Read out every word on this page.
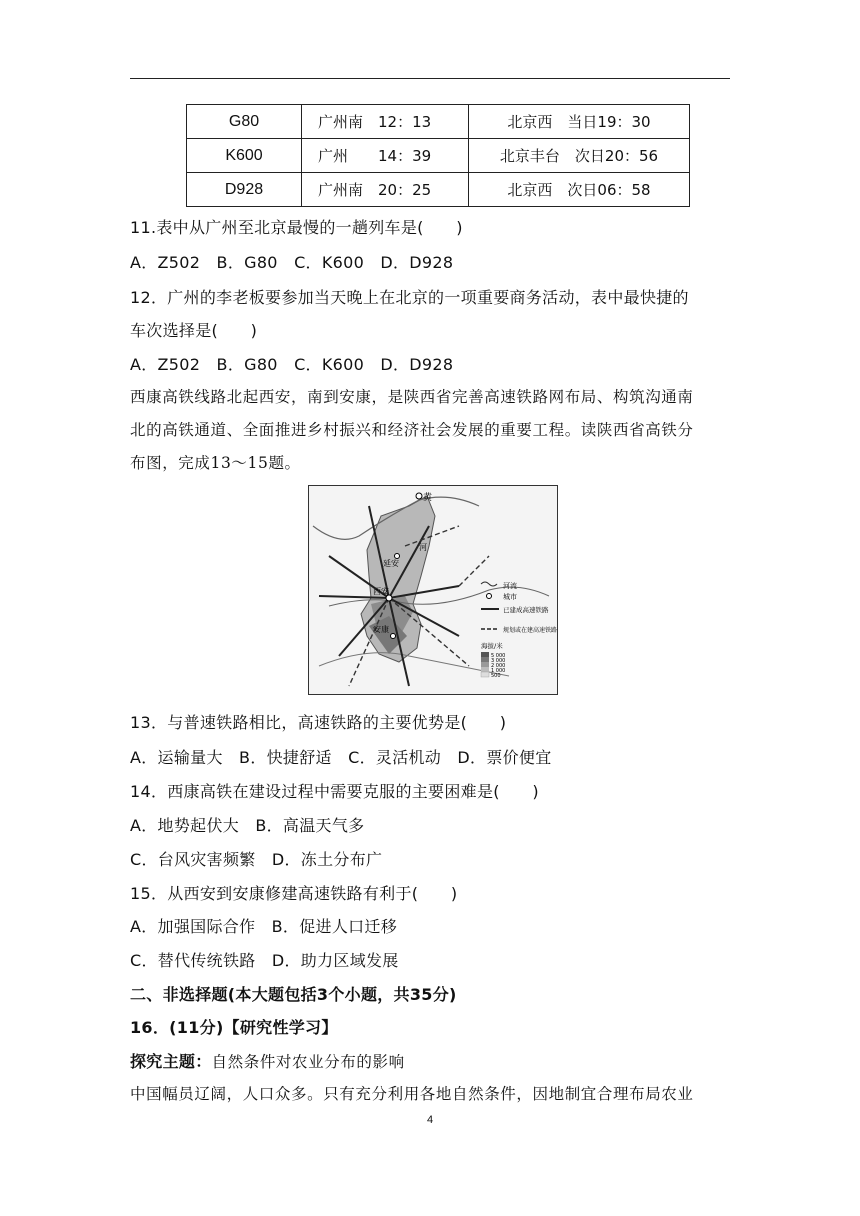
G80	广州南　12：13	北京西　当日19：30
K600	广州　　14：39	北京丰台　次日20：56
D928	广州南　20：25	北京西　次日06：58
11.表中从广州至北京最慢的一趟列车是(　　)
A．Z502　B．G80　C．K600　D．D928
12．广州的李老板要参加当天晚上在北京的一项重要商务活动，表中最快捷的
车次选择是(　　)
A．Z502　B．G80　C．K600　D．D928
西康高铁线路北起西安，南到安康，是陕西省完善高速铁路网布局、构筑沟通南
北的高铁通道、全面推进乡村振兴和经济社会发展的重要工程。读陕西省高铁分
布图，完成13～15题。
延安
西安
安康
黄
河
河流
城市
已建成高速铁路
规划或在建高速铁路
海拔/米
5 000
3 000
2 000
1 000
500
13．与普速铁路相比，高速铁路的主要优势是(　　)
A．运输量大　B．快捷舒适　C．灵活机动　D．票价便宜
14．西康高铁在建设过程中需要克服的主要困难是(　　)
A．地势起伏大　B．高温天气多
C．台风灾害频繁　D．冻土分布广
15．从西安到安康修建高速铁路有利于(　　)
A．加强国际合作　B．促进人口迁移
C．替代传统铁路　D．助力区域发展
二、非选择题(本大题包括3个小题，共35分)
16．(11分)【研究性学习】
探究主题：自然条件对农业分布的影响
中国幅员辽阔，人口众多。只有充分利用各地自然条件，因地制宜合理布局农业
4
